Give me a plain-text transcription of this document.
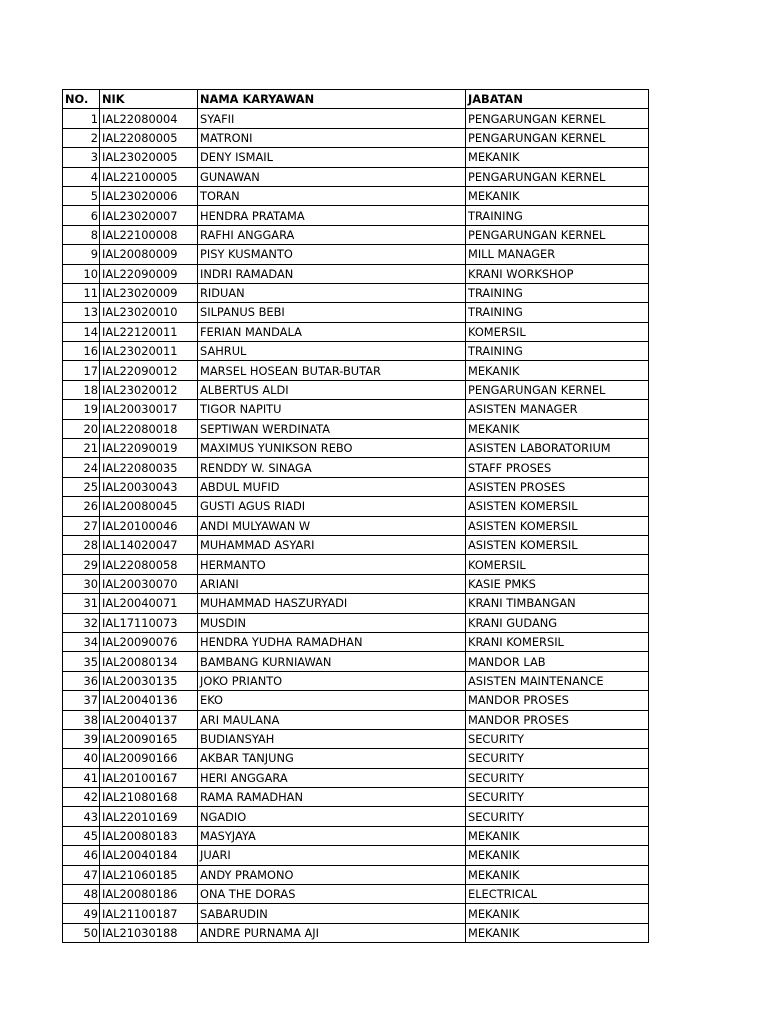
NO.	NIK	NAMA KARYAWAN	JABATAN
1	IAL22080004	SYAFII	PENGARUNGAN KERNEL
2	IAL22080005	MATRONI	PENGARUNGAN KERNEL
3	IAL23020005	DENY ISMAIL	MEKANIK
4	IAL22100005	GUNAWAN	PENGARUNGAN KERNEL
5	IAL23020006	TORAN	MEKANIK
6	IAL23020007	HENDRA PRATAMA	TRAINING
8	IAL22100008	RAFHI ANGGARA	PENGARUNGAN KERNEL
9	IAL20080009	PISY KUSMANTO	MILL MANAGER
10	IAL22090009	INDRI RAMADAN	KRANI WORKSHOP
11	IAL23020009	RIDUAN	TRAINING
13	IAL23020010	SILPANUS BEBI	TRAINING
14	IAL22120011	FERIAN MANDALA	KOMERSIL
16	IAL23020011	SAHRUL	TRAINING
17	IAL22090012	MARSEL HOSEAN BUTAR-BUTAR	MEKANIK
18	IAL23020012	ALBERTUS ALDI	PENGARUNGAN KERNEL
19	IAL20030017	TIGOR NAPITU	ASISTEN MANAGER
20	IAL22080018	SEPTIWAN WERDINATA	MEKANIK
21	IAL22090019	MAXIMUS YUNIKSON REBO	ASISTEN LABORATORIUM
24	IAL22080035	RENDDY W. SINAGA	STAFF PROSES
25	IAL20030043	ABDUL MUFID	ASISTEN PROSES
26	IAL20080045	GUSTI AGUS RIADI	ASISTEN KOMERSIL
27	IAL20100046	ANDI MULYAWAN W	ASISTEN KOMERSIL
28	IAL14020047	MUHAMMAD ASYARI	ASISTEN KOMERSIL
29	IAL22080058	HERMANTO	KOMERSIL
30	IAL20030070	ARIANI	KASIE PMKS
31	IAL20040071	MUHAMMAD HASZURYADI	KRANI TIMBANGAN
32	IAL17110073	MUSDIN	KRANI GUDANG
34	IAL20090076	HENDRA YUDHA RAMADHAN	KRANI KOMERSIL
35	IAL20080134	BAMBANG KURNIAWAN	MANDOR LAB
36	IAL20030135	JOKO PRIANTO	ASISTEN MAINTENANCE
37	IAL20040136	EKO	MANDOR PROSES
38	IAL20040137	ARI MAULANA	MANDOR PROSES
39	IAL20090165	BUDIANSYAH	SECURITY
40	IAL20090166	AKBAR TANJUNG	SECURITY
41	IAL20100167	HERI ANGGARA	SECURITY
42	IAL21080168	RAMA RAMADHAN	SECURITY
43	IAL22010169	NGADIO	SECURITY
45	IAL20080183	MASYJAYA	MEKANIK
46	IAL20040184	JUARI	MEKANIK
47	IAL21060185	ANDY PRAMONO	MEKANIK
48	IAL20080186	ONA THE DORAS	ELECTRICAL
49	IAL21100187	SABARUDIN	MEKANIK
50	IAL21030188	ANDRE PURNAMA AJI	MEKANIK
